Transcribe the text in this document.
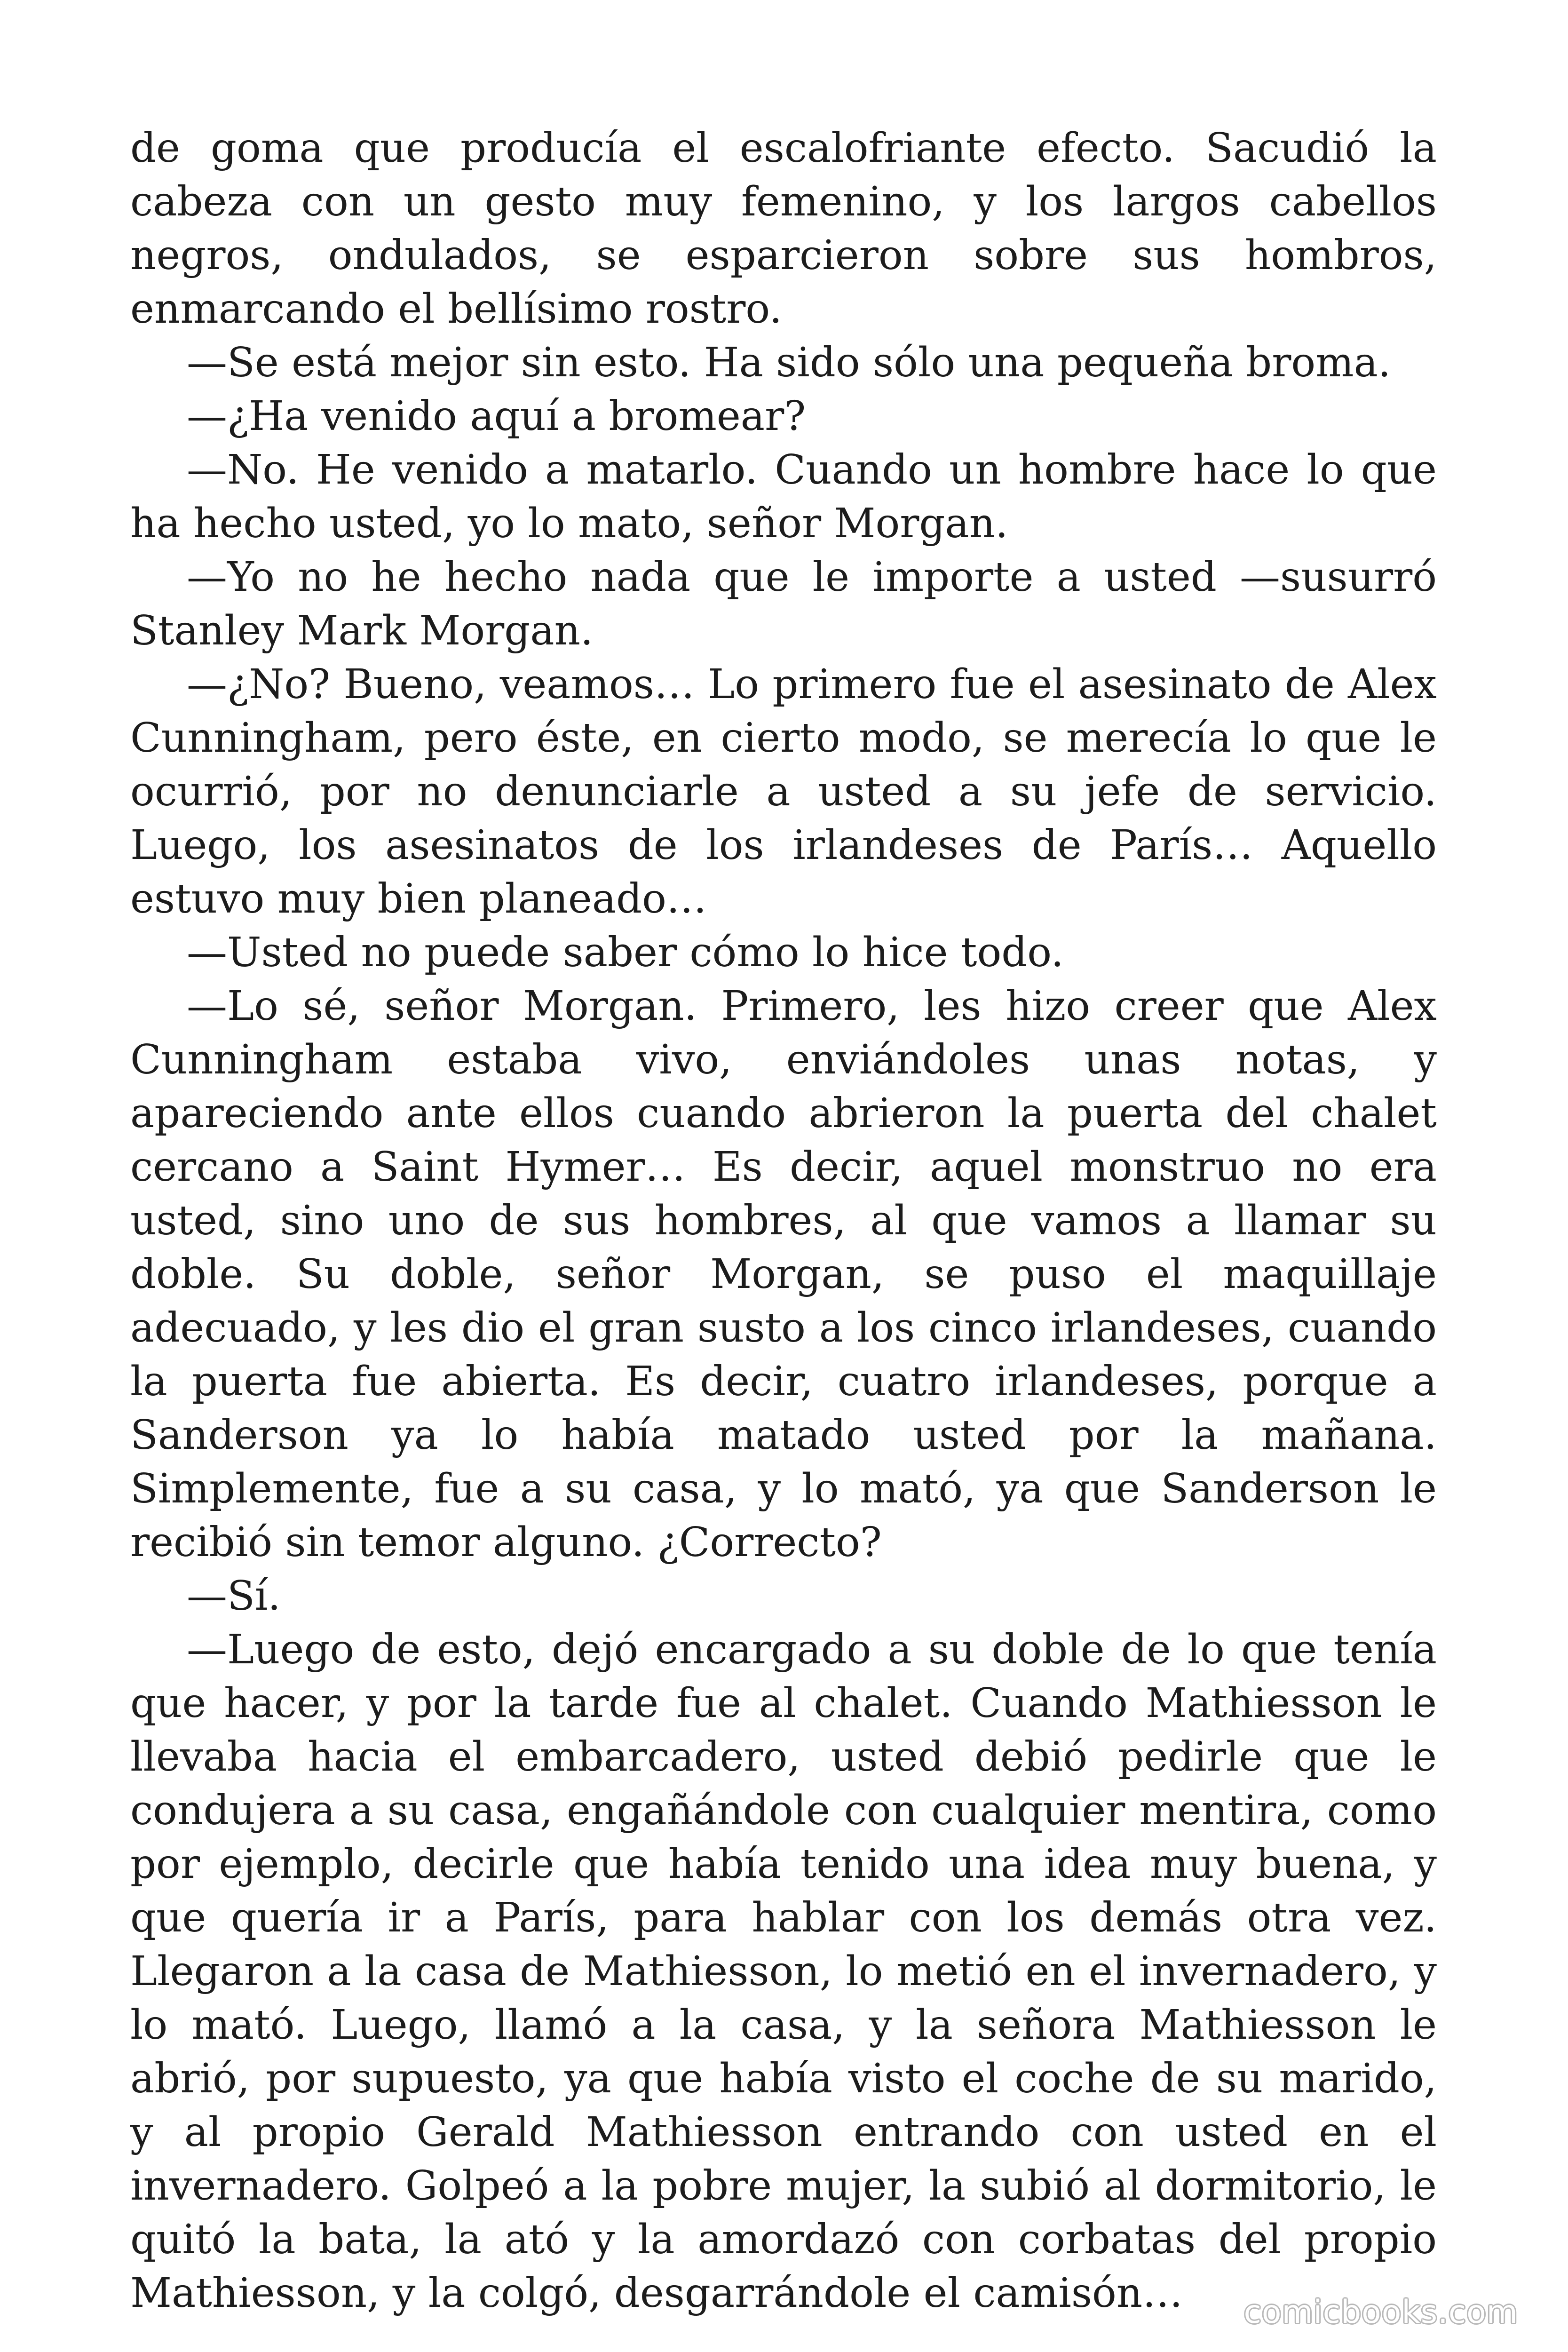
de goma que producía el escalofriante efecto. Sacudió la cabeza con un gesto muy femenino, y los largos cabellos negros, ondulados, se esparcieron sobre sus hombros, enmarcando el bellísimo rostro.

—Se está mejor sin esto. Ha sido sólo una pequeña broma.

—¿Ha venido aquí a bromear?

—No. He venido a matarlo. Cuando un hombre hace lo que ha hecho usted, yo lo mato, señor Morgan.

—Yo no he hecho nada que le importe a usted —susurró Stanley Mark Morgan.

—¿No? Bueno, veamos… Lo primero fue el asesinato de Alex Cunningham, pero éste, en cierto modo, se merecía lo que le ocurrió, por no denunciarle a usted a su jefe de servicio. Luego, los asesinatos de los irlandeses de París… Aquello estuvo muy bien planeado…

—Usted no puede saber cómo lo hice todo.

—Lo sé, señor Morgan. Primero, les hizo creer que Alex Cunningham estaba vivo, enviándoles unas notas, y apareciendo ante ellos cuando abrieron la puerta del chalet cercano a Saint Hymer… Es decir, aquel monstruo no era usted, sino uno de sus hombres, al que vamos a llamar su doble. Su doble, señor Morgan, se puso el maquillaje adecuado, y les dio el gran susto a los cinco irlandeses, cuando la puerta fue abierta. Es decir, cuatro irlandeses, porque a Sanderson ya lo había matado usted por la mañana. Simplemente, fue a su casa, y lo mató, ya que Sanderson le recibió sin temor alguno. ¿Correcto?

—Sí.

—Luego de esto, dejó encargado a su doble de lo que tenía que hacer, y por la tarde fue al chalet. Cuando Mathiesson le llevaba hacia el embarcadero, usted debió pedirle que le condujera a su casa, engañándole con cualquier mentira, como por ejemplo, decirle que había tenido una idea muy buena, y que quería ir a París, para hablar con los demás otra vez. Llegaron a la casa de Mathiesson, lo metió en el invernadero, y lo mató. Luego, llamó a la casa, y la señora Mathiesson le abrió, por supuesto, ya que había visto el coche de su marido, y al propio Gerald Mathiesson entrando con usted en el invernadero. Golpeó a la pobre mujer, la subió al dormitorio, le quitó la bata, la ató y la amordazó con corbatas del propio Mathiesson, y la colgó, desgarrándole el camisón…	comicbooks.com
